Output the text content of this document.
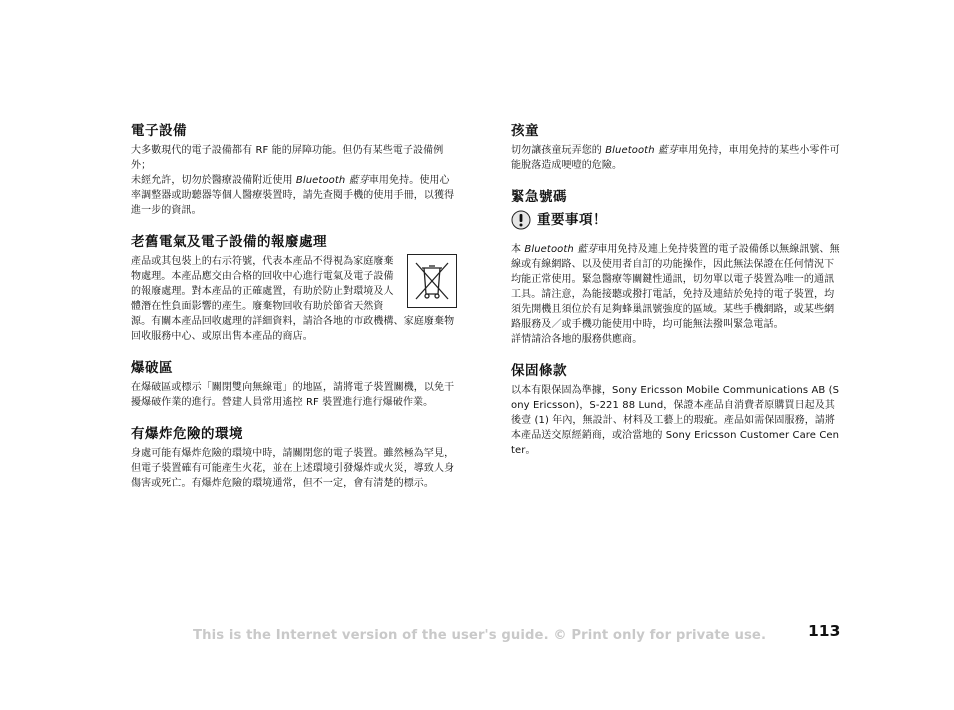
電子設備

大多數現代的電子設備都有 RF 能的屏障功能。但仍有某些電子設備例外；

未經允許，切勿於醫療設備附近使用 Bluetooth 藍芽車用免持。使用心率調整器或助聽器等個人醫療裝置時，請先查閱手機的使用手冊，以獲得進一步的資訊。

老舊電氣及電子設備的報廢處理

產品或其包裝上的右示符號，代表本產品不得視為家庭廢棄物處理。本產品應交由合格的回收中心進行電氣及電子設備的報廢處理。對本產品的正確處置，有助於防止對環境及人體潛在性負面影響的產生。廢棄物回收有助於節省天然資源。有關本產品回收處理的詳細資料，請洽各地的市政機構、家庭廢棄物回收服務中心、或原出售本產品的商店。

爆破區

在爆破區或標示「關閉雙向無線電」的地區，請將電子裝置關機，以免干擾爆破作業的進行。營建人員常用遙控 RF 裝置進行進行爆破作業。

有爆炸危險的環境

身處可能有爆炸危險的環境中時，請關閉您的電子裝置。雖然極為罕見，但電子裝置確有可能產生火花，並在上述環境引發爆炸或火災，導致人身傷害或死亡。有爆炸危險的環境通常，但不一定，會有清楚的標示。

孩童

切勿讓孩童玩弄您的 Bluetooth 藍芽車用免持，車用免持的某些小零件可能脫落造成哽噎的危險。

緊急號碼
重要事項！

本 Bluetooth 藍芽車用免持及連上免持裝置的電子設備係以無線訊號、無線或有線網路、以及使用者自訂的功能操作，因此無法保證在任何情況下均能正常使用。緊急醫療等關鍵性通訊，切勿單以電子裝置為唯一的通訊工具。請注意，為能接聽或撥打電話，免持及連結於免持的電子裝置，均須先開機且須位於有足夠蜂巢訊號強度的區域。某些手機網路，或某些網路服務及／或手機功能使用中時，均可能無法撥叫緊急電話。

詳情請洽各地的服務供應商。

保固條款

以本有限保固為準據，Sony Ericsson Mobile Communications AB (Sony Ericsson)，S-221 88 Lund，保證本產品自消費者原購買日起及其後壹 (1) 年內，無設計、材料及工藝上的瑕疵。產品如需保固服務，請將本產品送交原經銷商，或洽當地的 Sony Ericsson Customer Care Center。

This is the Internet version of the user's guide. © Print only for private use.	113
